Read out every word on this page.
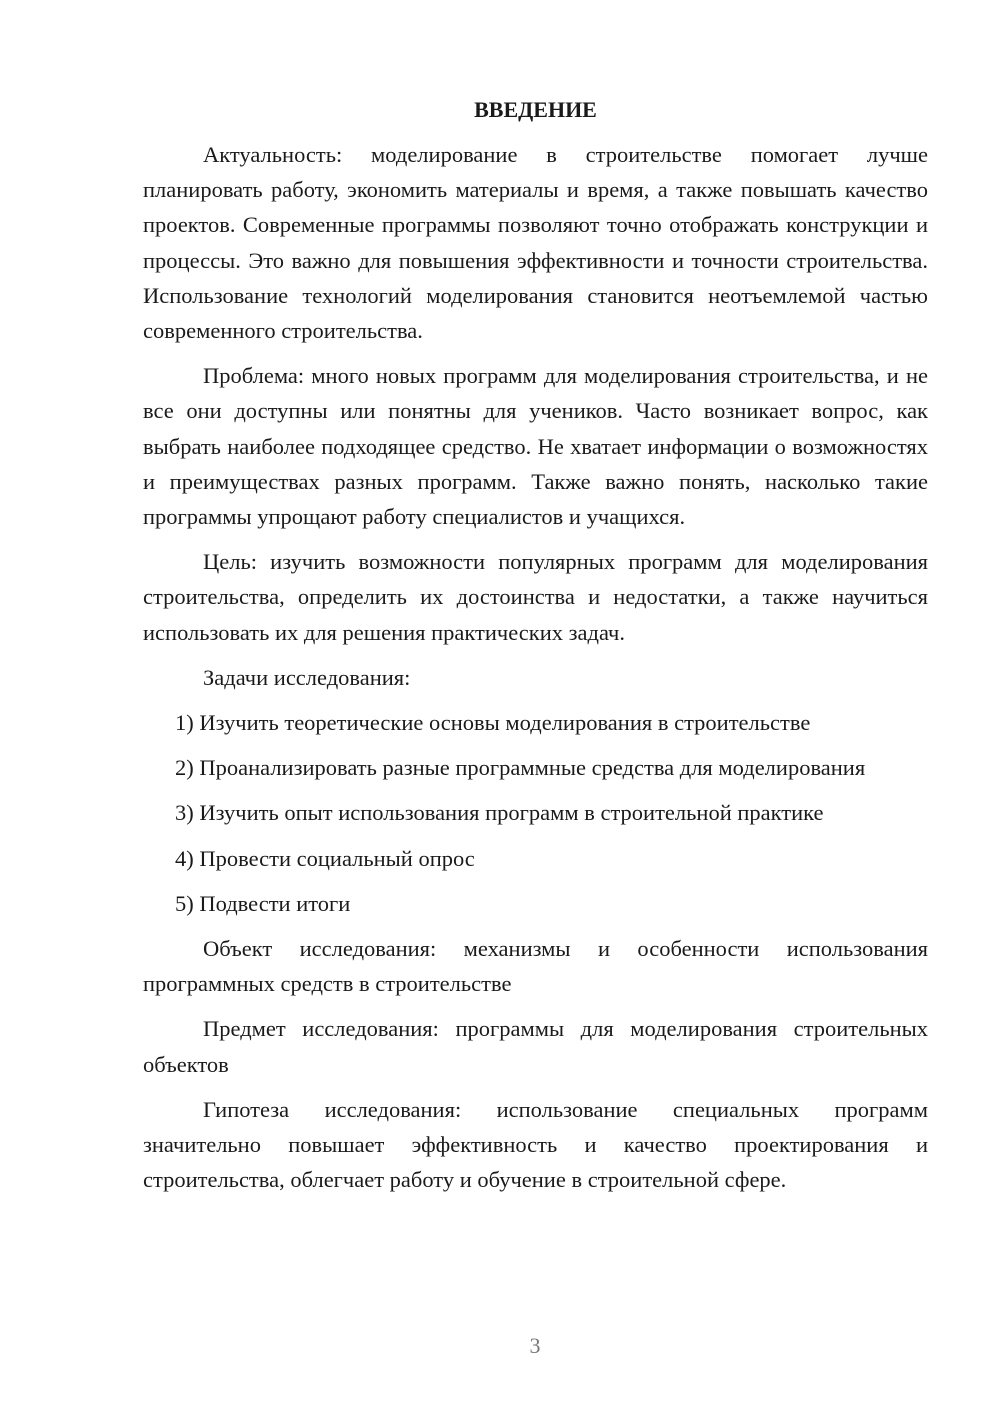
ВВЕДЕНИЕ

Актуальность: моделирование в строительстве помогает лучше планировать работу, экономить материалы и время, а также повышать качество проектов. Современные программы позволяют точно отображать конструкции и процессы. Это важно для повышения эффективности и точности строительства. Использование технологий моделирования становится неотъемлемой частью современного строительства.

Проблема: много новых программ для моделирования строительства, и не все они доступны или понятны для учеников. Часто возникает вопрос, как выбрать наиболее подходящее средство. Не хватает информации о возможностях и преимуществах разных программ. Также важно понять, насколько такие программы упрощают работу специалистов и учащихся.

Цель: изучить возможности популярных программ для моделирования строительства, определить их достоинства и недостатки, а также научиться использовать их для решения практических задач.

Задачи исследования:

1) Изучить теоретические основы моделирования в строительстве

2) Проанализировать разные программные средства для моделирования

3) Изучить опыт использования программ в строительной практике

4) Провести социальный опрос

5) Подвести итоги

Объект исследования: механизмы и особенности использования программных средств в строительстве

Предмет исследования: программы для моделирования строительных объектов

Гипотеза исследования: использование специальных программ значительно повышает эффективность и качество проектирования и строительства, облегчает работу и обучение в строительной сфере.

3
